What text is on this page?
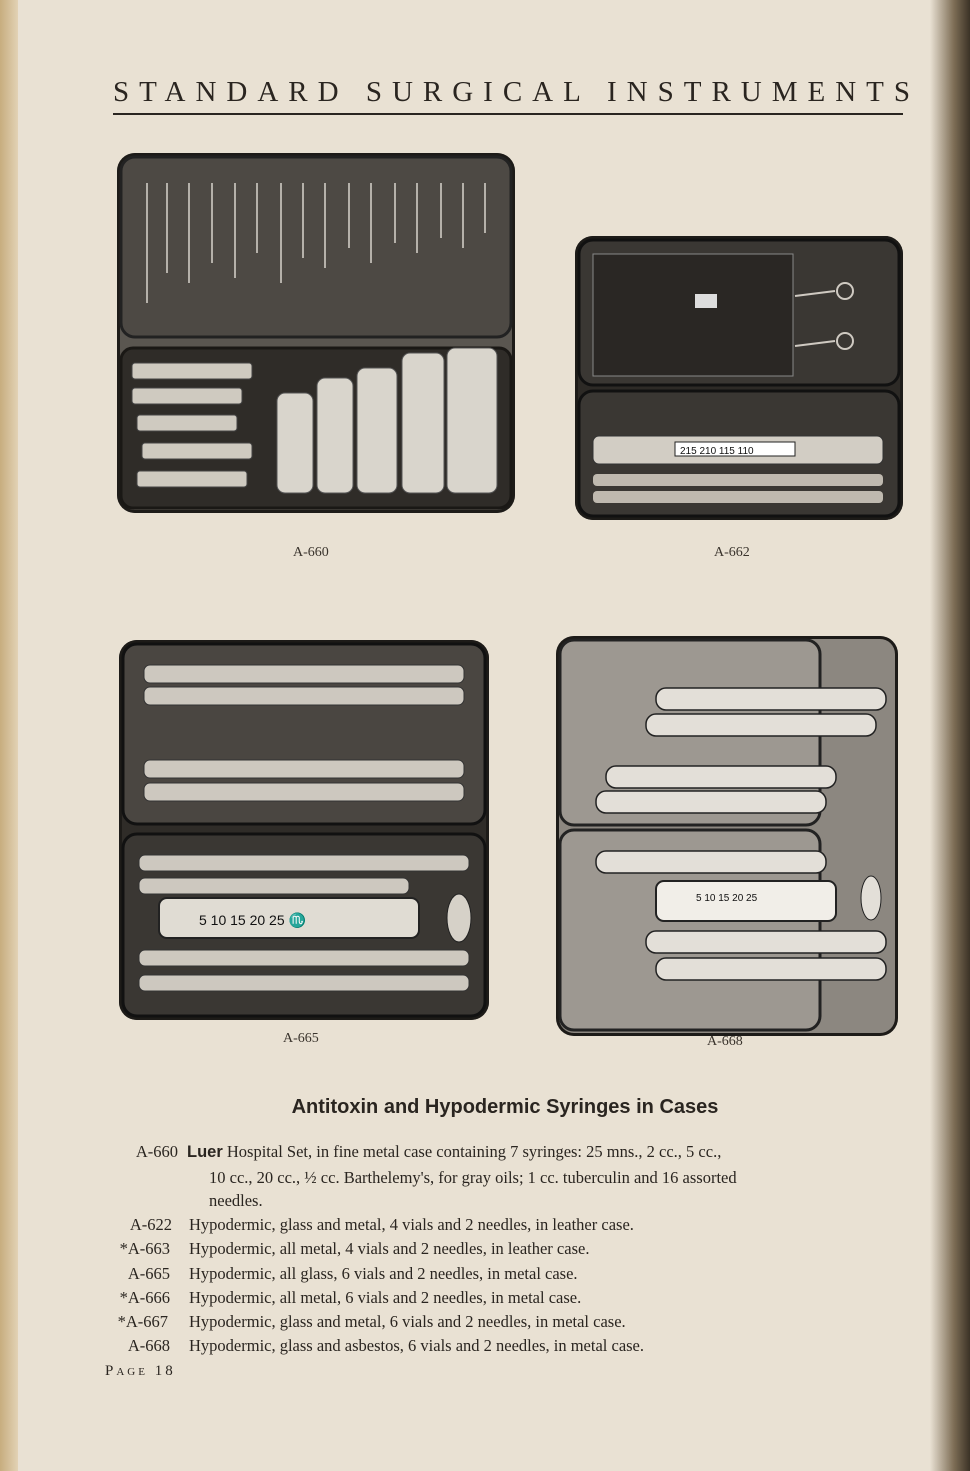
STANDARD SURGICAL INSTRUMENTS
A-660
215 210 115 110
A-662
5 10 15 20 25 ♏
A-665
5 10 15 20 25
A-668
Antitoxin and Hypodermic Syringes in Cases
A-660 Luer Hospital Set, in fine metal case containing 7 syringes: 25 mns., 2 cc., 5 cc.,
10 cc., 20 cc., ½ cc. Barthelemy's, for gray oils; 1 cc. tuberculin and 16 assorted
needles.
A-622 Hypodermic, glass and metal, 4 vials and 2 needles, in leather case.
*A-663 Hypodermic, all metal, 4 vials and 2 needles, in leather case.
A-665 Hypodermic, all glass, 6 vials and 2 needles, in metal case.
*A-666 Hypodermic, all metal, 6 vials and 2 needles, in metal case.
*A-667 Hypodermic, glass and metal, 6 vials and 2 needles, in metal case.
A-668 Hypodermic, glass and asbestos, 6 vials and 2 needles, in metal case.
Page 18
